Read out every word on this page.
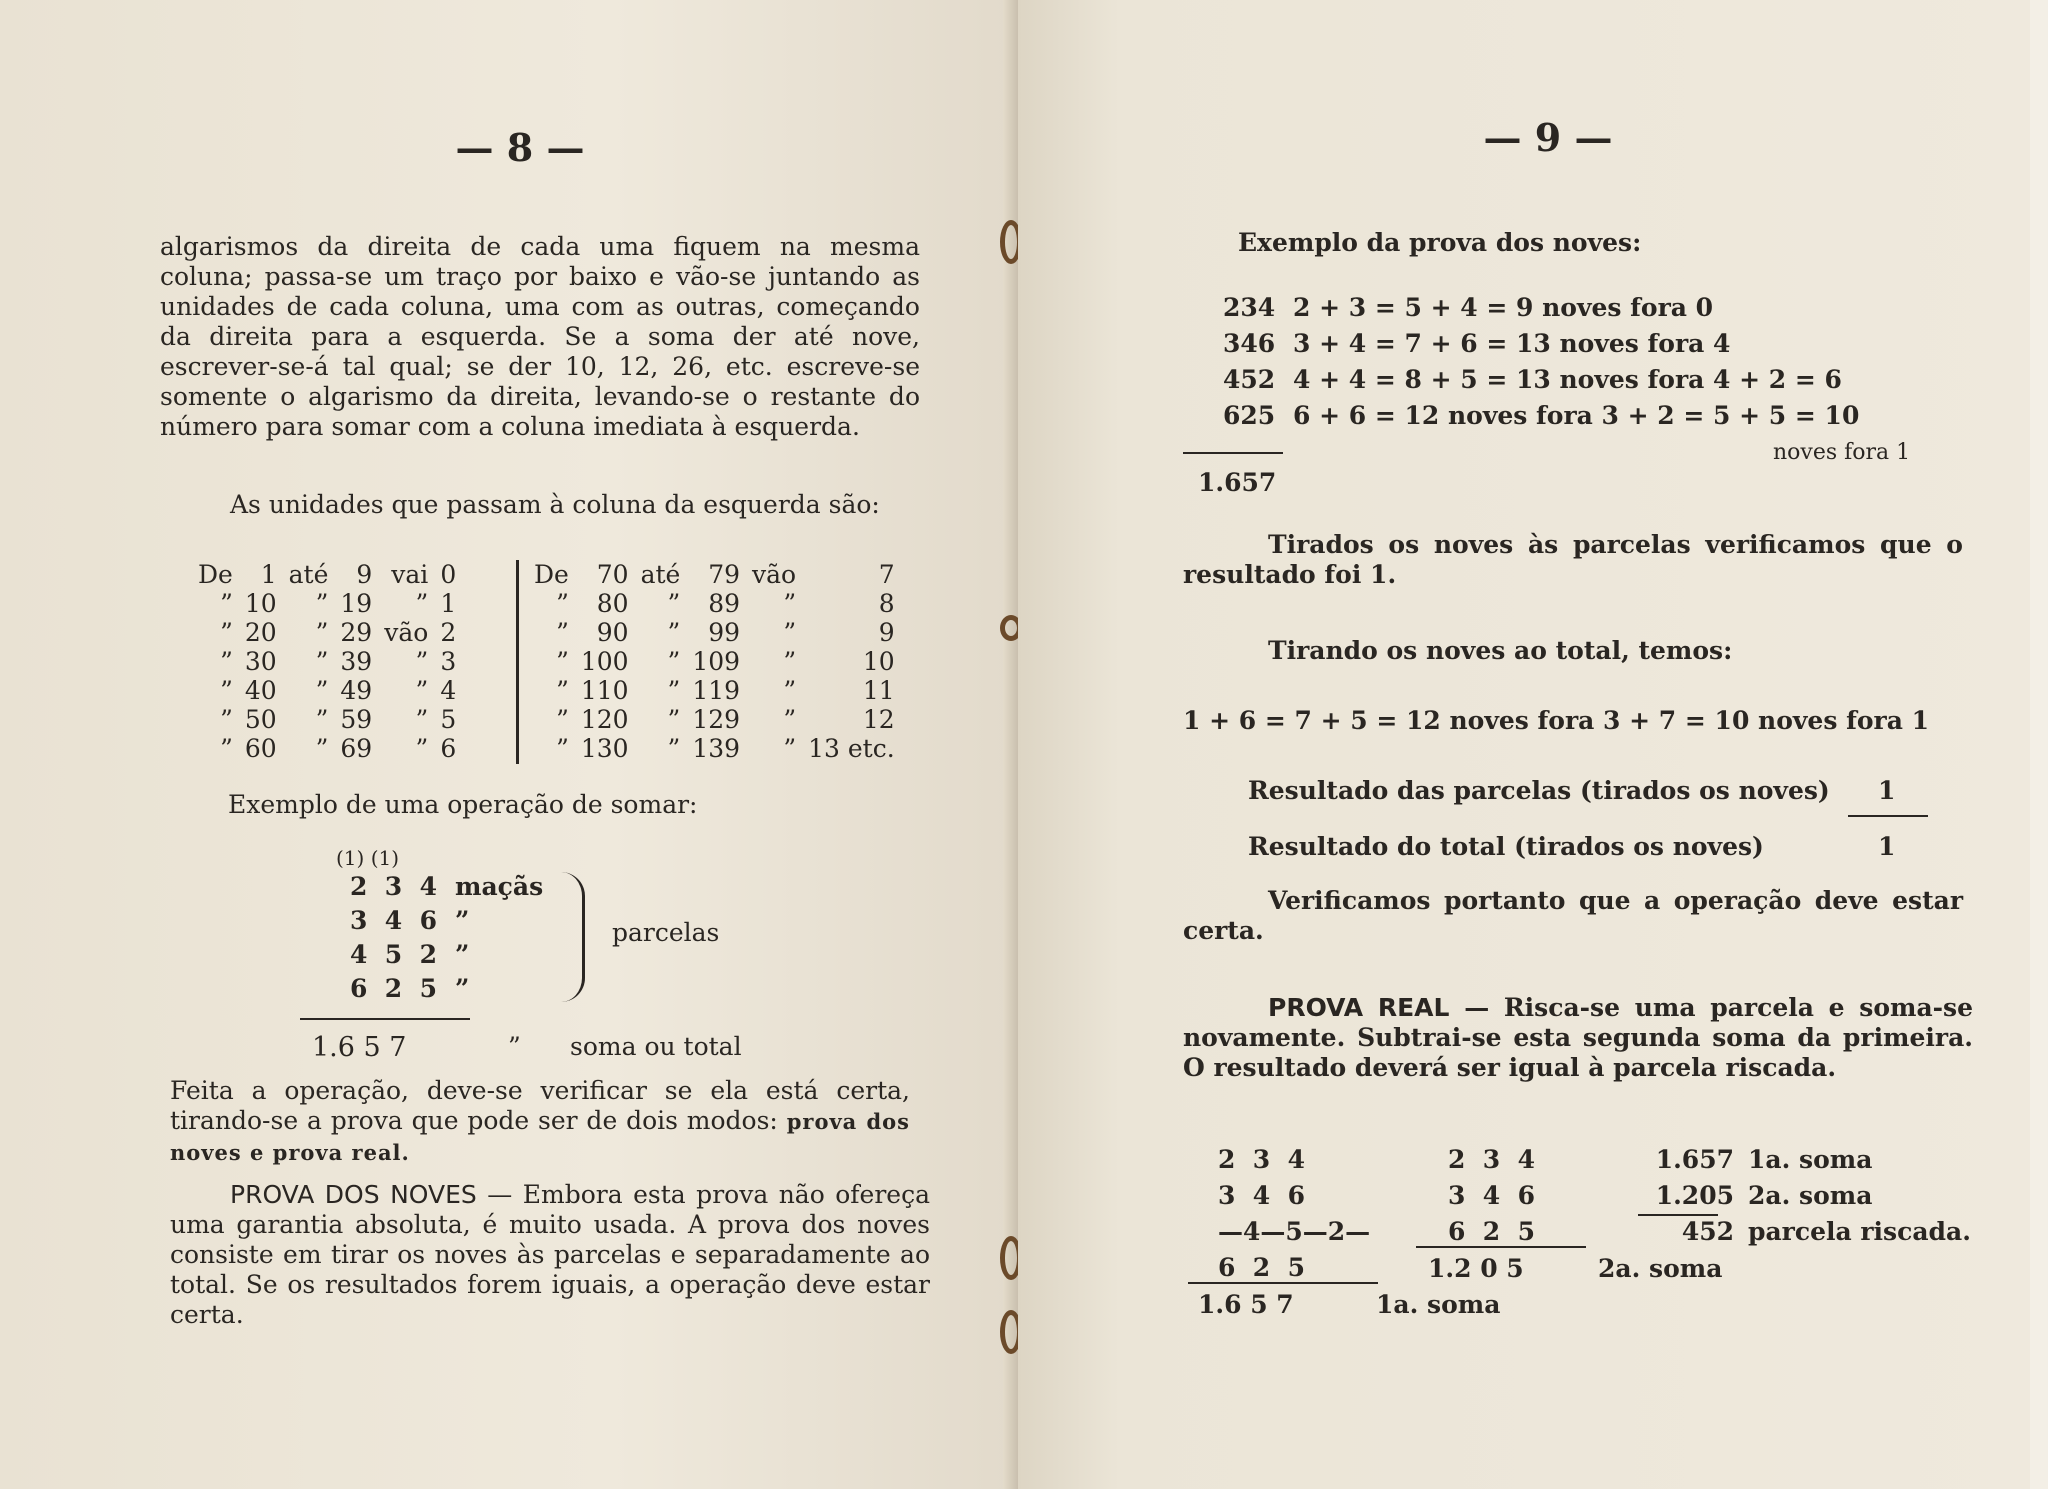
— 8 —
algarismos da direita de cada uma fiquem na mesma coluna; passa-se um traço por baixo e vão-se juntando as unidades de cada coluna, uma com as outras, começando da direita para a esquerda. Se a soma der até nove, escrever-se-á tal qual; se der 10, 12, 26, etc. escreve-se somente o algarismo da direita, levando-se o restante do número para somar com a coluna imediata à esquerda.
As unidades que passam à coluna da esquerda são:
De	1	até	9	vai	0
”	10	”	19	”	1
”	20	”	29	vão	2
”	30	”	39	”	3
”	40	”	49	”	4
”	50	”	59	”	5
”	60	”	69	”	6
De	70	até	79	vão	7
”	80	”	89	”	8
”	90	”	99	”	9
”	100	”	109	”	10
”	110	”	119	”	11
”	120	”	129	”	12
”	130	”	139	”	13 etc.
Exemplo de uma operação de somar:
(1) (1)
2  3  4 maçãs
3  4  6 ”
4  5  2 ”
6  2  5 ”
parcelas
1.6 5 7	” soma ou total
Feita a operação, deve-se verificar se ela está certa, tirando-se a prova que pode ser de dois modos: prova dos noves e prova real.
PROVA DOS NOVES — Embora esta prova não ofereça uma garantia absoluta, é muito usada. A prova dos noves consiste em tirar os noves às parcelas e separadamente ao total. Se os resultados forem iguais, a operação deve estar certa.
— 9 —
Exemplo da prova dos noves:
234 2 + 3 = 5 + 4 = 9 noves fora 0
346 3 + 4 = 7 + 6 = 13 noves fora 4
452 4 + 4 = 8 + 5 = 13 noves fora 4 + 2 = 6
625 6 + 6 = 12 noves fora 3 + 2 = 5 + 5 = 10
noves fora 1
1.657
Tirados os noves às parcelas verificamos que o resultado foi 1.
Tirando os noves ao total, temos:
1 + 6 = 7 + 5 = 12 noves fora 3 + 7 = 10 noves fora 1
Resultado das parcelas (tirados os noves) 1
Resultado do total (tirados os noves)	1
Verificamos portanto que a operação deve estar certa.
PROVA REAL — Risca-se uma parcela e soma-se novamente. Subtrai-se esta segunda soma da primeira. O resultado deverá ser igual à parcela riscada.
2  3  4
3  4  6
—4—5—2—
6  2  5
1.6 5 7	1a. soma
2  3  4
3  4  6
6  2  5
1.2 0 5	2a. soma
1.657 1a. soma
1.205 2a. soma
452 parcela riscada.
